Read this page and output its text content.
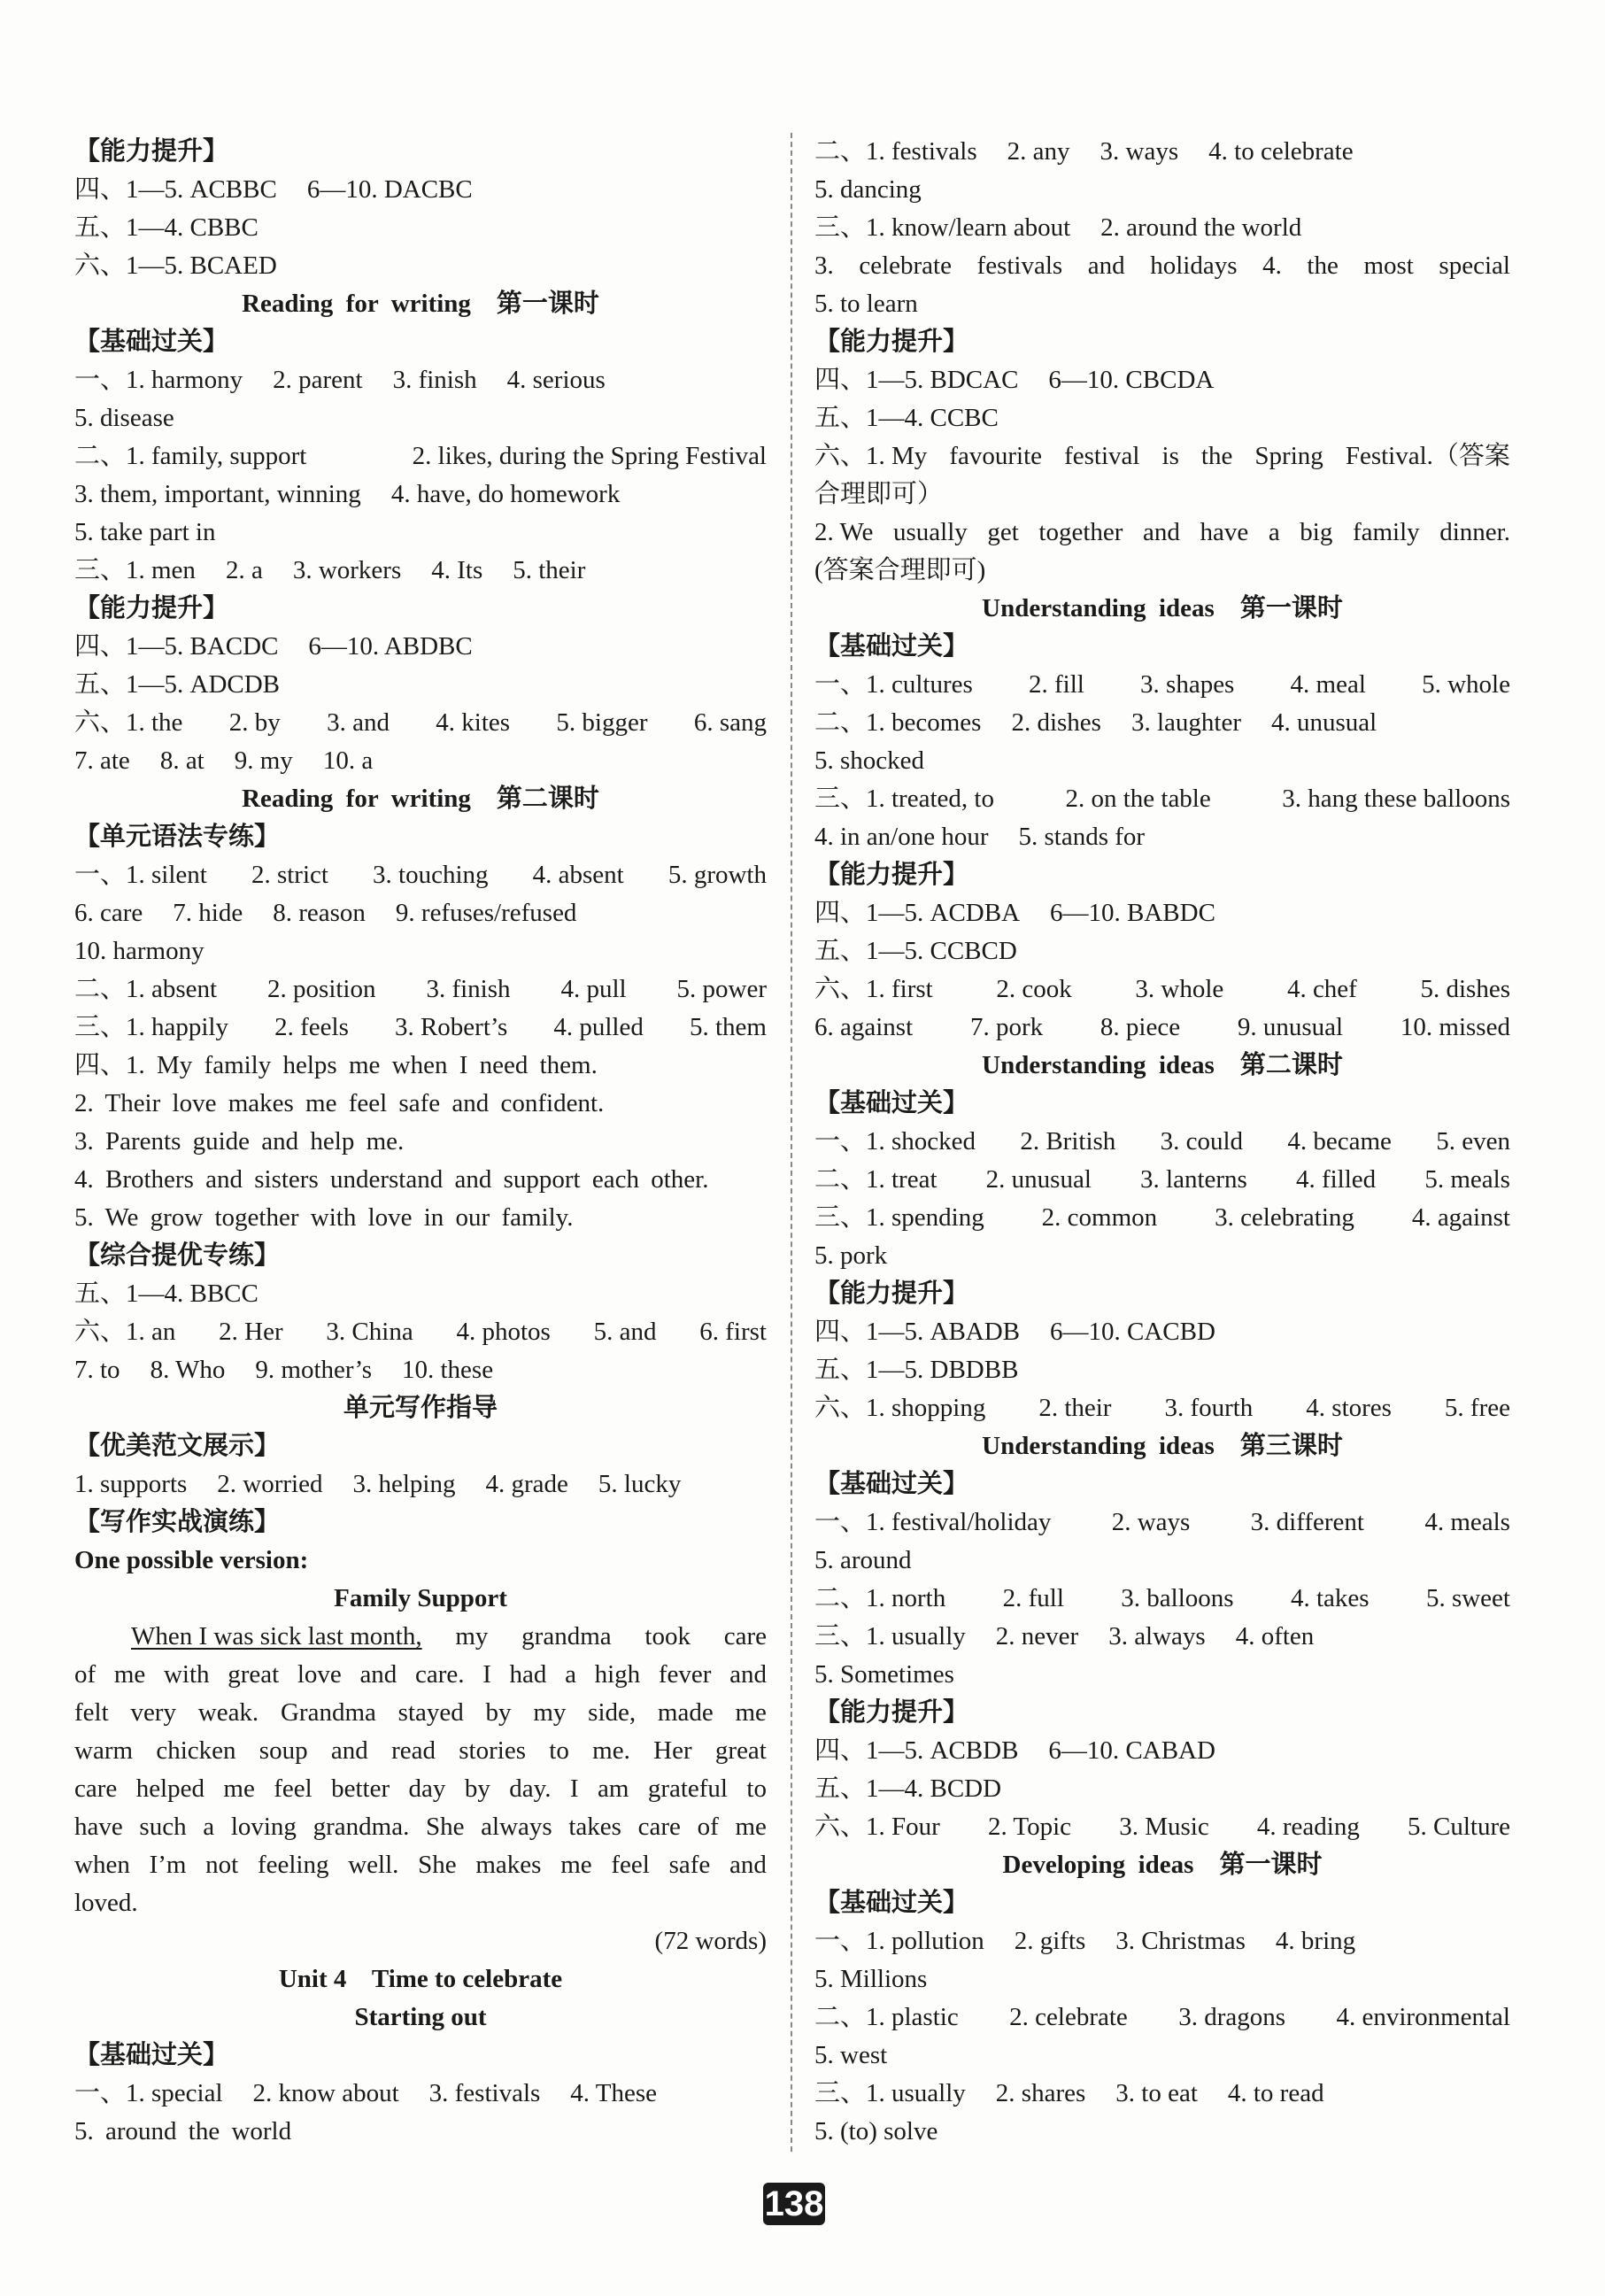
【能力提升】
四、1—5. ACBBC 6—10. DACBC
五、1—4. CBBC
六、1—5. BCAED
Reading  for  writing    第一课时
【基础过关】
一、1. harmony 2. parent 3. finish 4. serious
5. disease
二、1. family, support	2. likes, during the Spring Festival
3. them, important, winning 4. have, do homework
5. take part in
三、1. men 2. a 3. workers 4. Its 5. their
【能力提升】
四、1—5. BACDC 6—10. ABDBC
五、1—5. ADCDB
六、1. the 2. by 3. and 4. kites 5. bigger 6. sang
7. ate 8. at 9. my 10. a
Reading  for  writing    第二课时
【单元语法专练】
一、1. silent 2. strict 3. touching 4. absent 5. growth
6. care 7. hide 8. reason 9. refuses/refused
10. harmony
二、1. absent 2. position 3. finish 4. pull 5. power
三、1. happily 2. feels 3. Robert’s 4. pulled 5. them
四、1. My family helps me when I need them.
2. Their love makes me feel safe and confident.
3. Parents guide and help me.
4. Brothers and sisters understand and support each other.
5. We grow together with love in our family.
【综合提优专练】
五、1—4. BBCC
六、1. an 2. Her 3. China 4. photos 5. and 6. first
7. to 8. Who 9. mother’s 10. these
单元写作指导
【优美范文展示】
1. supports 2. worried 3. helping 4. grade 5. lucky
【写作实战演练】
One possible version:
Family Support
When I was sick last month, my grandma took care
of me with great love and care. I had a high fever and
felt very weak. Grandma stayed by my side, made me
warm chicken soup and read stories to me. Her great
care helped me feel better day by day. I am grateful to
have such a loving grandma. She always takes care of me
when I’m not feeling well. She makes me feel safe and
loved.
(72 words)
Unit 4    Time to celebrate
Starting out
【基础过关】
一、1. special 2. know about 3. festivals 4. These
5. around the world
二、1. festivals 2. any 3. ways 4. to celebrate
5. dancing
三、1. know/learn about 2. around the world
3. celebrate festivals and holidays 4. the most special
5. to learn
【能力提升】
四、1—5. BDCAC 6—10. CBCDA
五、1—4. CCBC
六、1. My favourite festival is the Spring Festival.（答案
合理即可）
2. We usually get together and have a big family dinner.
(答案合理即可)
Understanding  ideas    第一课时
【基础过关】
一、1. cultures 2. fill 3. shapes 4. meal 5. whole
二、1. becomes 2. dishes 3. laughter 4. unusual
5. shocked
三、1. treated, to	2. on the table	3. hang these balloons
4. in an/one hour 5. stands for
【能力提升】
四、1—5. ACDBA 6—10. BABDC
五、1—5. CCBCD
六、1. first 2. cook 3. whole 4. chef 5. dishes
6. against 7. pork 8. piece 9. unusual 10. missed
Understanding  ideas    第二课时
【基础过关】
一、1. shocked 2. British 3. could 4. became 5. even
二、1. treat 2. unusual 3. lanterns 4. filled 5. meals
三、1. spending 2. common 3. celebrating 4. against
5. pork
【能力提升】
四、1—5. ABADB 6—10. CACBD
五、1—5. DBDBB
六、1. shopping 2. their 3. fourth 4. stores 5. free
Understanding  ideas    第三课时
【基础过关】
一、1. festival/holiday 2. ways 3. different 4. meals
5. around
二、1. north 2. full 3. balloons 4. takes 5. sweet
三、1. usually 2. never 3. always 4. often
5. Sometimes
【能力提升】
四、1—5. ACBDB 6—10. CABAD
五、1—4. BCDD
六、1. Four 2. Topic 3. Music 4. reading 5. Culture
Developing  ideas    第一课时
【基础过关】
一、1. pollution 2. gifts 3. Christmas 4. bring
5. Millions
二、1. plastic 2. celebrate 3. dragons 4. environmental
5. west
三、1. usually 2. shares 3. to eat 4. to read
5. (to) solve
138
